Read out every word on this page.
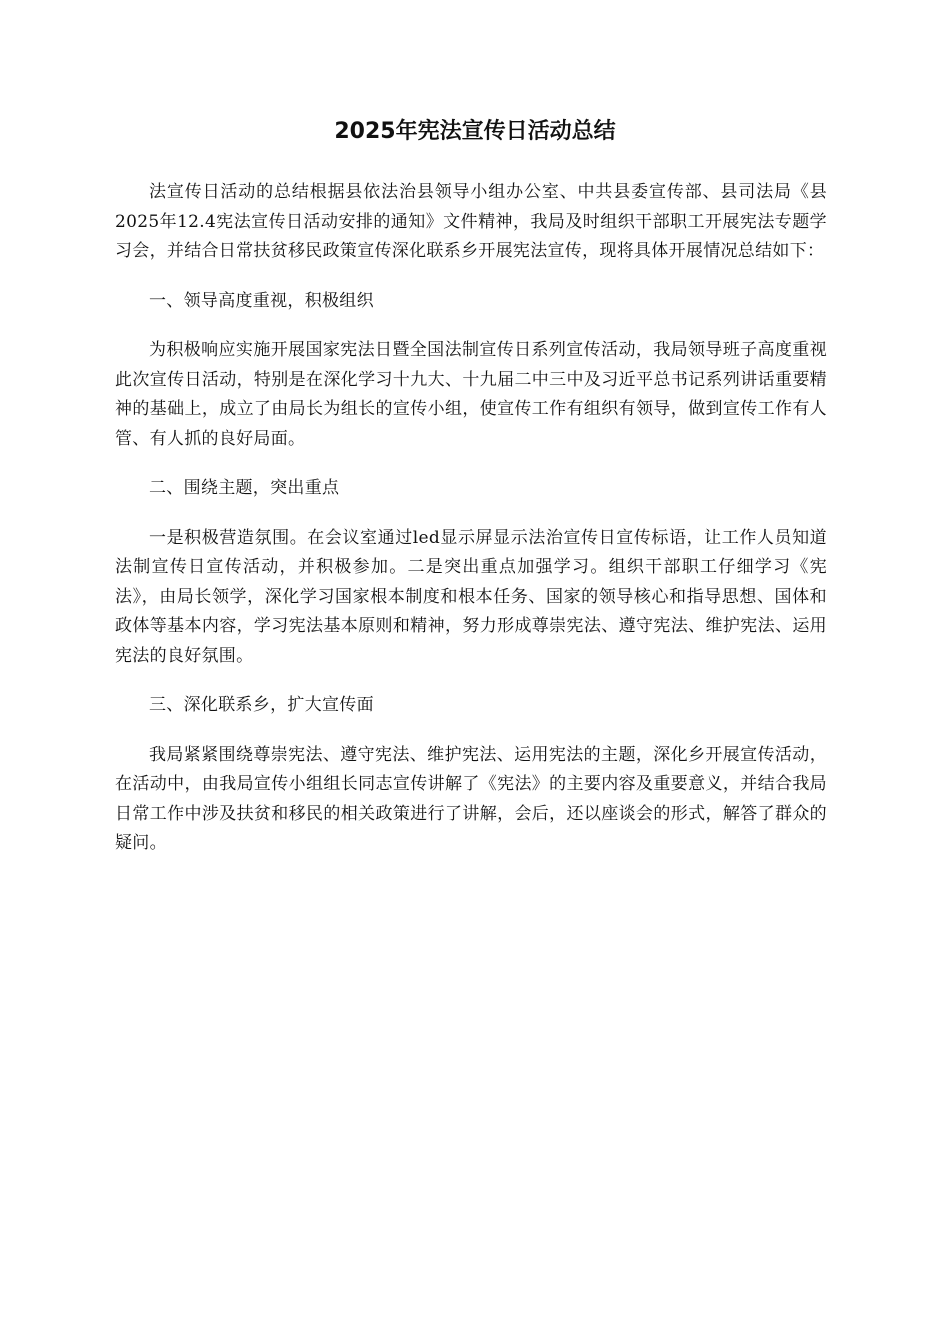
2025年宪法宣传日活动总结

法宣传日活动的总结根据县依法治县领导小组办公室、中共县委宣传部、县司法局《县2025年12.4宪法宣传日活动安排的通知》文件精神，我局及时组织干部职工开展宪法专题学习会，并结合日常扶贫移民政策宣传深化联系乡开展宪法宣传，现将具体开展情况总结如下：

一、领导高度重视，积极组织

为积极响应实施开展国家宪法日暨全国法制宣传日系列宣传活动，我局领导班子高度重视此次宣传日活动，特别是在深化学习十九大、十九届二中三中及习近平总书记系列讲话重要精神的基础上，成立了由局长为组长的宣传小组，使宣传工作有组织有领导，做到宣传工作有人管、有人抓的良好局面。

二、围绕主题，突出重点

一是积极营造氛围。在会议室通过led显示屏显示法治宣传日宣传标语，让工作人员知道法制宣传日宣传活动，并积极参加。二是突出重点加强学习。组织干部职工仔细学习《宪法》，由局长领学，深化学习国家根本制度和根本任务、国家的领导核心和指导思想、国体和政体等基本内容，学习宪法基本原则和精神，努力形成尊崇宪法、遵守宪法、维护宪法、运用宪法的良好氛围。

三、深化联系乡，扩大宣传面

我局紧紧围绕尊崇宪法、遵守宪法、维护宪法、运用宪法的主题，深化乡开展宣传活动，在活动中，由我局宣传小组组长同志宣传讲解了《宪法》的主要内容及重要意义，并结合我局日常工作中涉及扶贫和移民的相关政策进行了讲解，会后，还以座谈会的形式，解答了群众的疑问。
